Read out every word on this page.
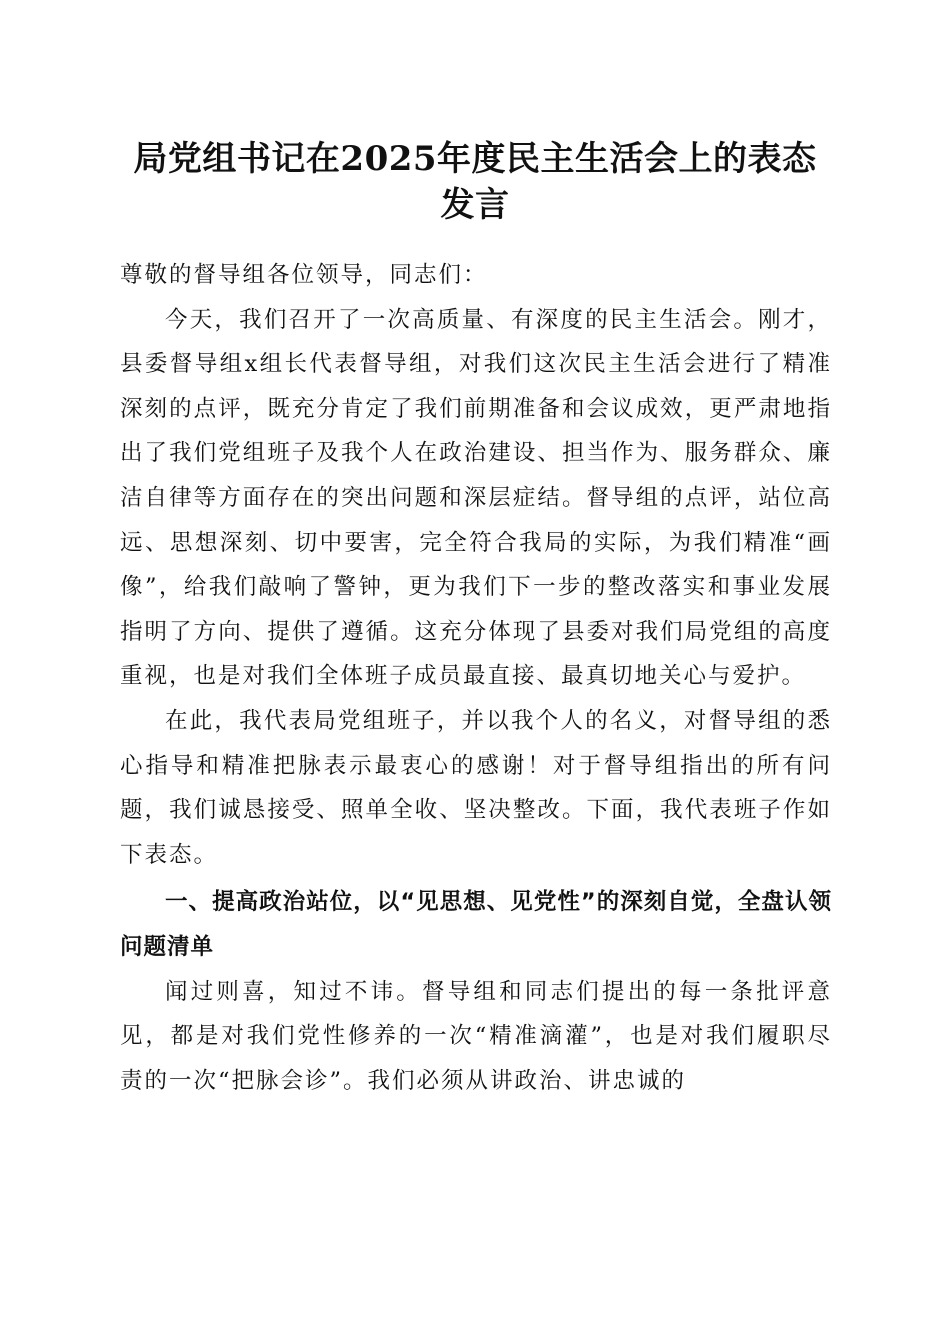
局党组书记在2025年度民主生活会上的表态
发言

尊敬的督导组各位领导，同志们：

今天，我们召开了一次高质量、有深度的民主生活会。刚才，县委督导组x组长代表督导组，对我们这次民主生活会进行了精准深刻的点评，既充分肯定了我们前期准备和会议成效，更严肃地指出了我们党组班子及我个人在政治建设、担当作为、服务群众、廉洁自律等方面存在的突出问题和深层症结。督导组的点评，站位高远、思想深刻、切中要害，完全符合我局的实际，为我们精准“画像”，给我们敲响了警钟，更为我们下一步的整改落实和事业发展指明了方向、提供了遵循。这充分体现了县委对我们局党组的高度重视，也是对我们全体班子成员最直接、最真切地关心与爱护。

在此，我代表局党组班子，并以我个人的名义，对督导组的悉心指导和精准把脉表示最衷心的感谢！对于督导组指出的所有问题，我们诚恳接受、照单全收、坚决整改。下面，我代表班子作如下表态。

一、提高政治站位，以“见思想、见党性”的深刻自觉，全盘认领问题清单

闻过则喜，知过不讳。督导组和同志们提出的每一条批评意见，都是对我们党性修养的一次“精准滴灌”，也是对我们履职尽责的一次“把脉会诊”。我们必须从讲政治、讲忠诚的
